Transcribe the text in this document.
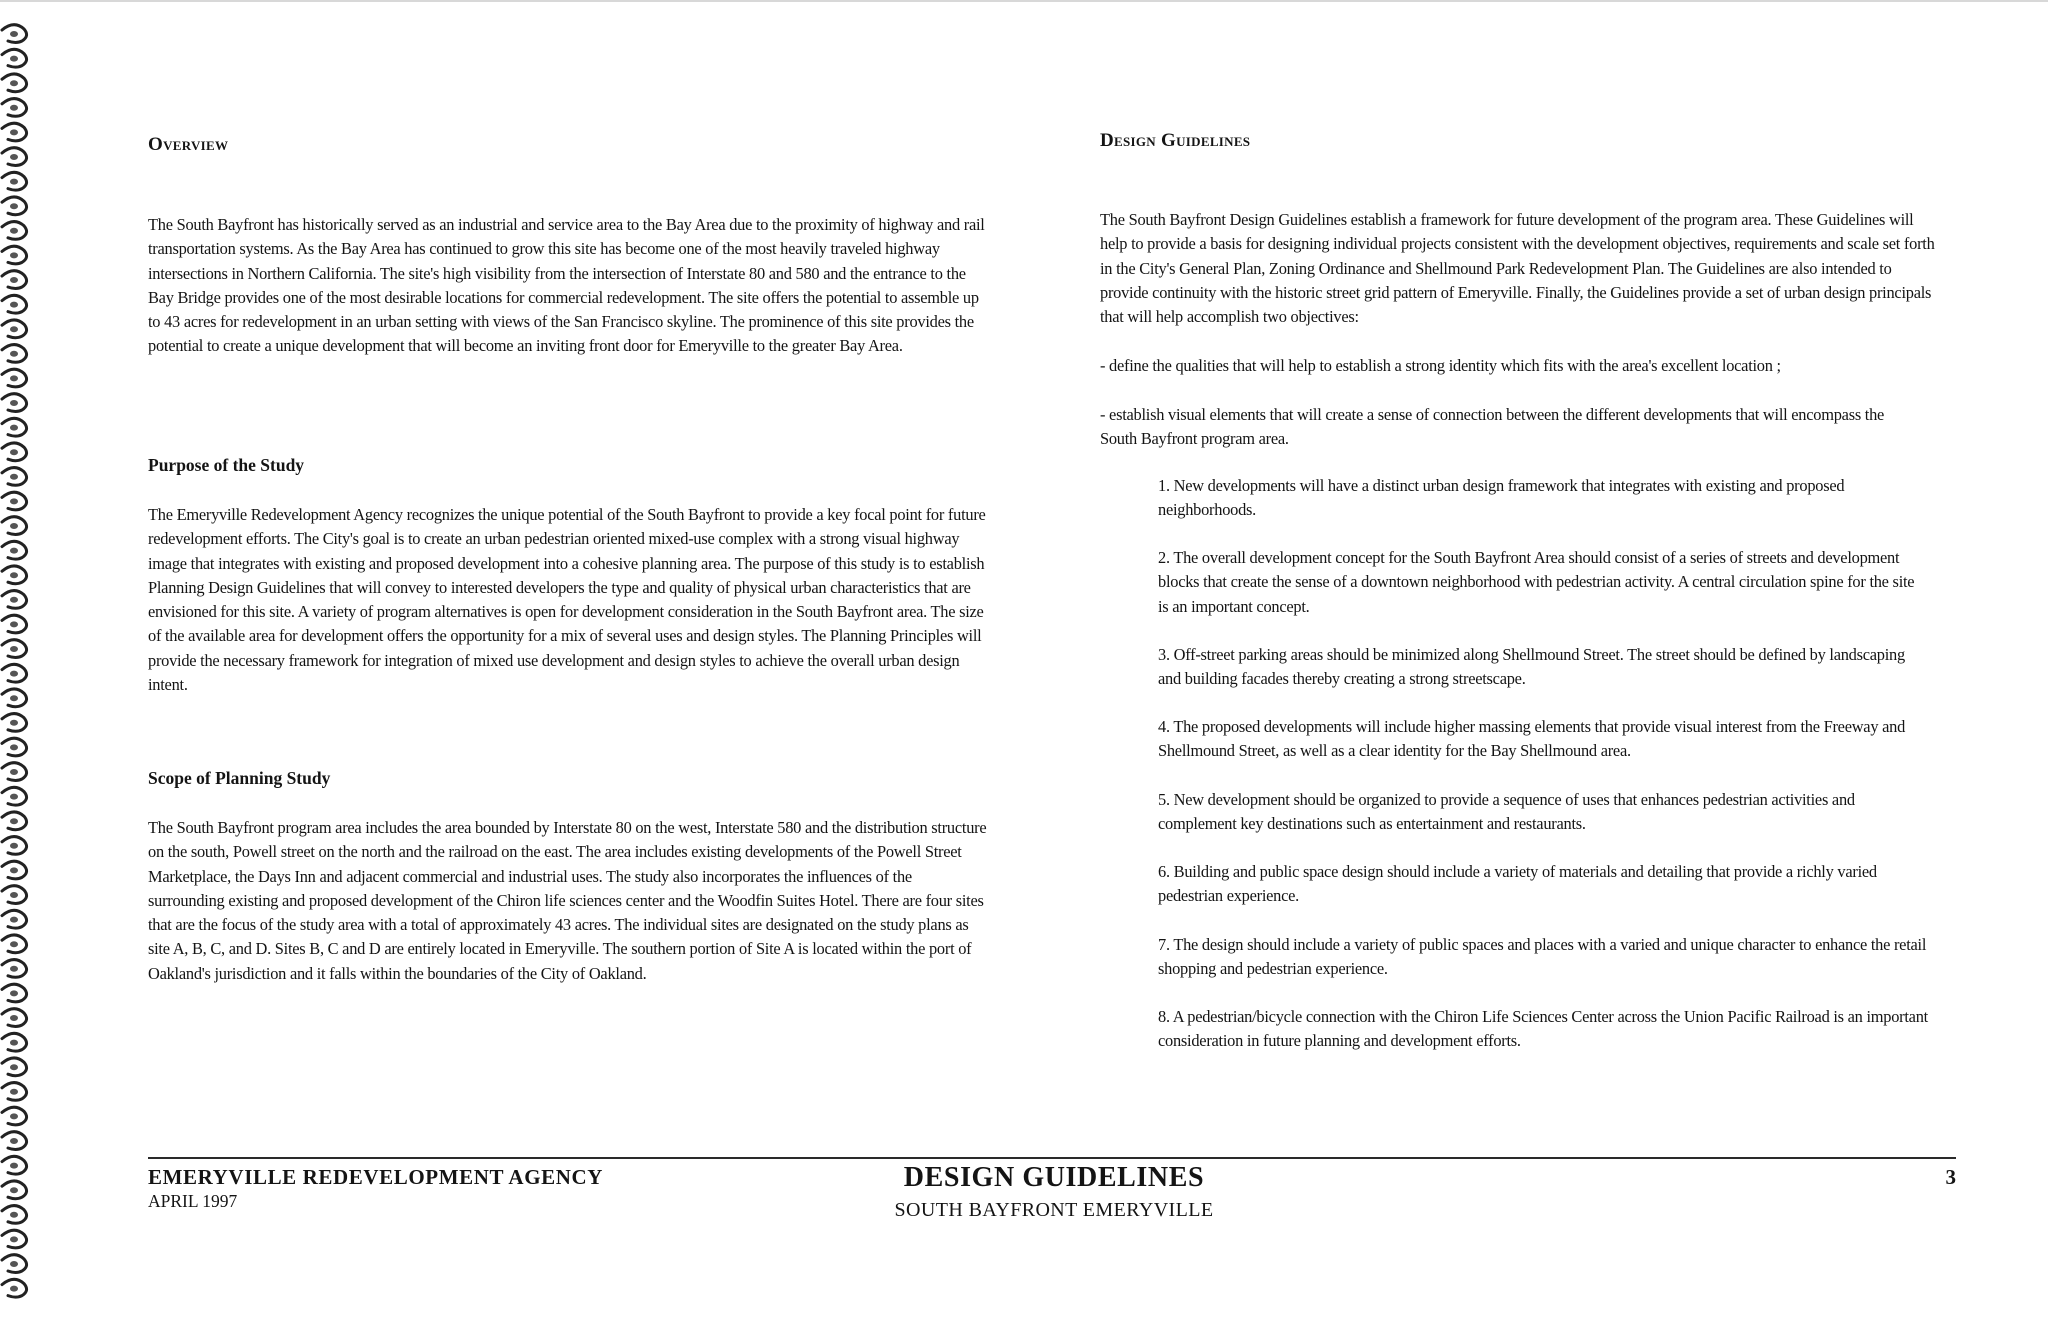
Overview

The South Bayfront has historically served as an industrial and service area to the Bay Area due to the proximity of highway and rail transportation systems. As the Bay Area has continued to grow this site has become one of the most heavily traveled highway intersections in Northern California. The site's high visibility from the intersection of Interstate 80 and 580 and the entrance to the Bay Bridge provides one of the most desirable locations for commercial redevelopment. The site offers the potential to assemble up to 43 acres for redevelopment in an urban setting with views of the San Francisco skyline. The prominence of this site provides the potential to create a unique development that will become an inviting front door for Emeryville to the greater Bay Area.

Purpose of the Study

The Emeryville Redevelopment Agency recognizes the unique potential of the South Bayfront to provide a key focal point for future redevelopment efforts. The City's goal is to create an urban pedestrian oriented mixed-use complex with a strong visual highway image that integrates with existing and proposed development into a cohesive planning area. The purpose of this study is to establish Planning Design Guidelines that will convey to interested developers the type and quality of physical urban characteristics that are envisioned for this site. A variety of program alternatives is open for development consideration in the South Bayfront area. The size of the available area for development offers the opportunity for a mix of several uses and design styles. The Planning Principles will provide the necessary framework for integration of mixed use development and design styles to achieve the overall urban design intent.

Scope of Planning Study

The South Bayfront program area includes the area bounded by Interstate 80 on the west, Interstate 580 and the distribution structure on the south, Powell street on the north and the railroad on the east. The area includes existing developments of the Powell Street Marketplace, the Days Inn and adjacent commercial and industrial uses. The study also incorporates the influences of the surrounding existing and proposed development of the Chiron life sciences center and the Woodfin Suites Hotel. There are four sites that are the focus of the study area with a total of approximately 43 acres. The individual sites are designated on the study plans as site A, B, C, and D. Sites B, C and D are entirely located in Emeryville. The southern portion of Site A is located within the port of Oakland's jurisdiction and it falls within the boundaries of the City of Oakland.

Design Guidelines

The South Bayfront Design Guidelines establish a framework for future development of the program area. These Guidelines will help to provide a basis for designing individual projects consistent with the development objectives, requirements and scale set forth in the City's General Plan, Zoning Ordinance and Shellmound Park Redevelopment Plan. The Guidelines are also intended to provide continuity with the historic street grid pattern of Emeryville. Finally, the Guidelines provide a set of urban design principals that will help accomplish two objectives:

- define the qualities that will help to establish a strong identity which fits with the area's excellent location ;

- establish visual elements that will create a sense of connection between the different developments that will encompass the South Bayfront program area.

1. New developments will have a distinct urban design framework that integrates with existing and proposed neighborhoods.

2. The overall development concept for the South Bayfront Area should consist of a series of streets and development blocks that create the sense of a downtown neighborhood with pedestrian activity. A central circulation spine for the site is an important concept.

3. Off-street parking areas should be minimized along Shellmound Street. The street should be defined by landscaping and building facades thereby creating a strong streetscape.

4. The proposed developments will include higher massing elements that provide visual interest from the Freeway and Shellmound Street, as well as a clear identity for the Bay Shellmound area.

5. New development should be organized to provide a sequence of uses that enhances pedestrian activities and complement key destinations such as entertainment and restaurants.

6. Building and public space design should include a variety of materials and detailing that provide a richly varied pedestrian experience.

7. The design should include a variety of public spaces and places with a varied and unique character to enhance the retail shopping and pedestrian experience.

8. A pedestrian/bicycle connection with the Chiron Life Sciences Center across the Union Pacific Railroad is an important consideration in future planning and development efforts.

EMERYVILLE REDEVELOPMENT AGENCY
APRIL 1997
DESIGN GUIDELINES
SOUTH BAYFRONT EMERYVILLE
3
